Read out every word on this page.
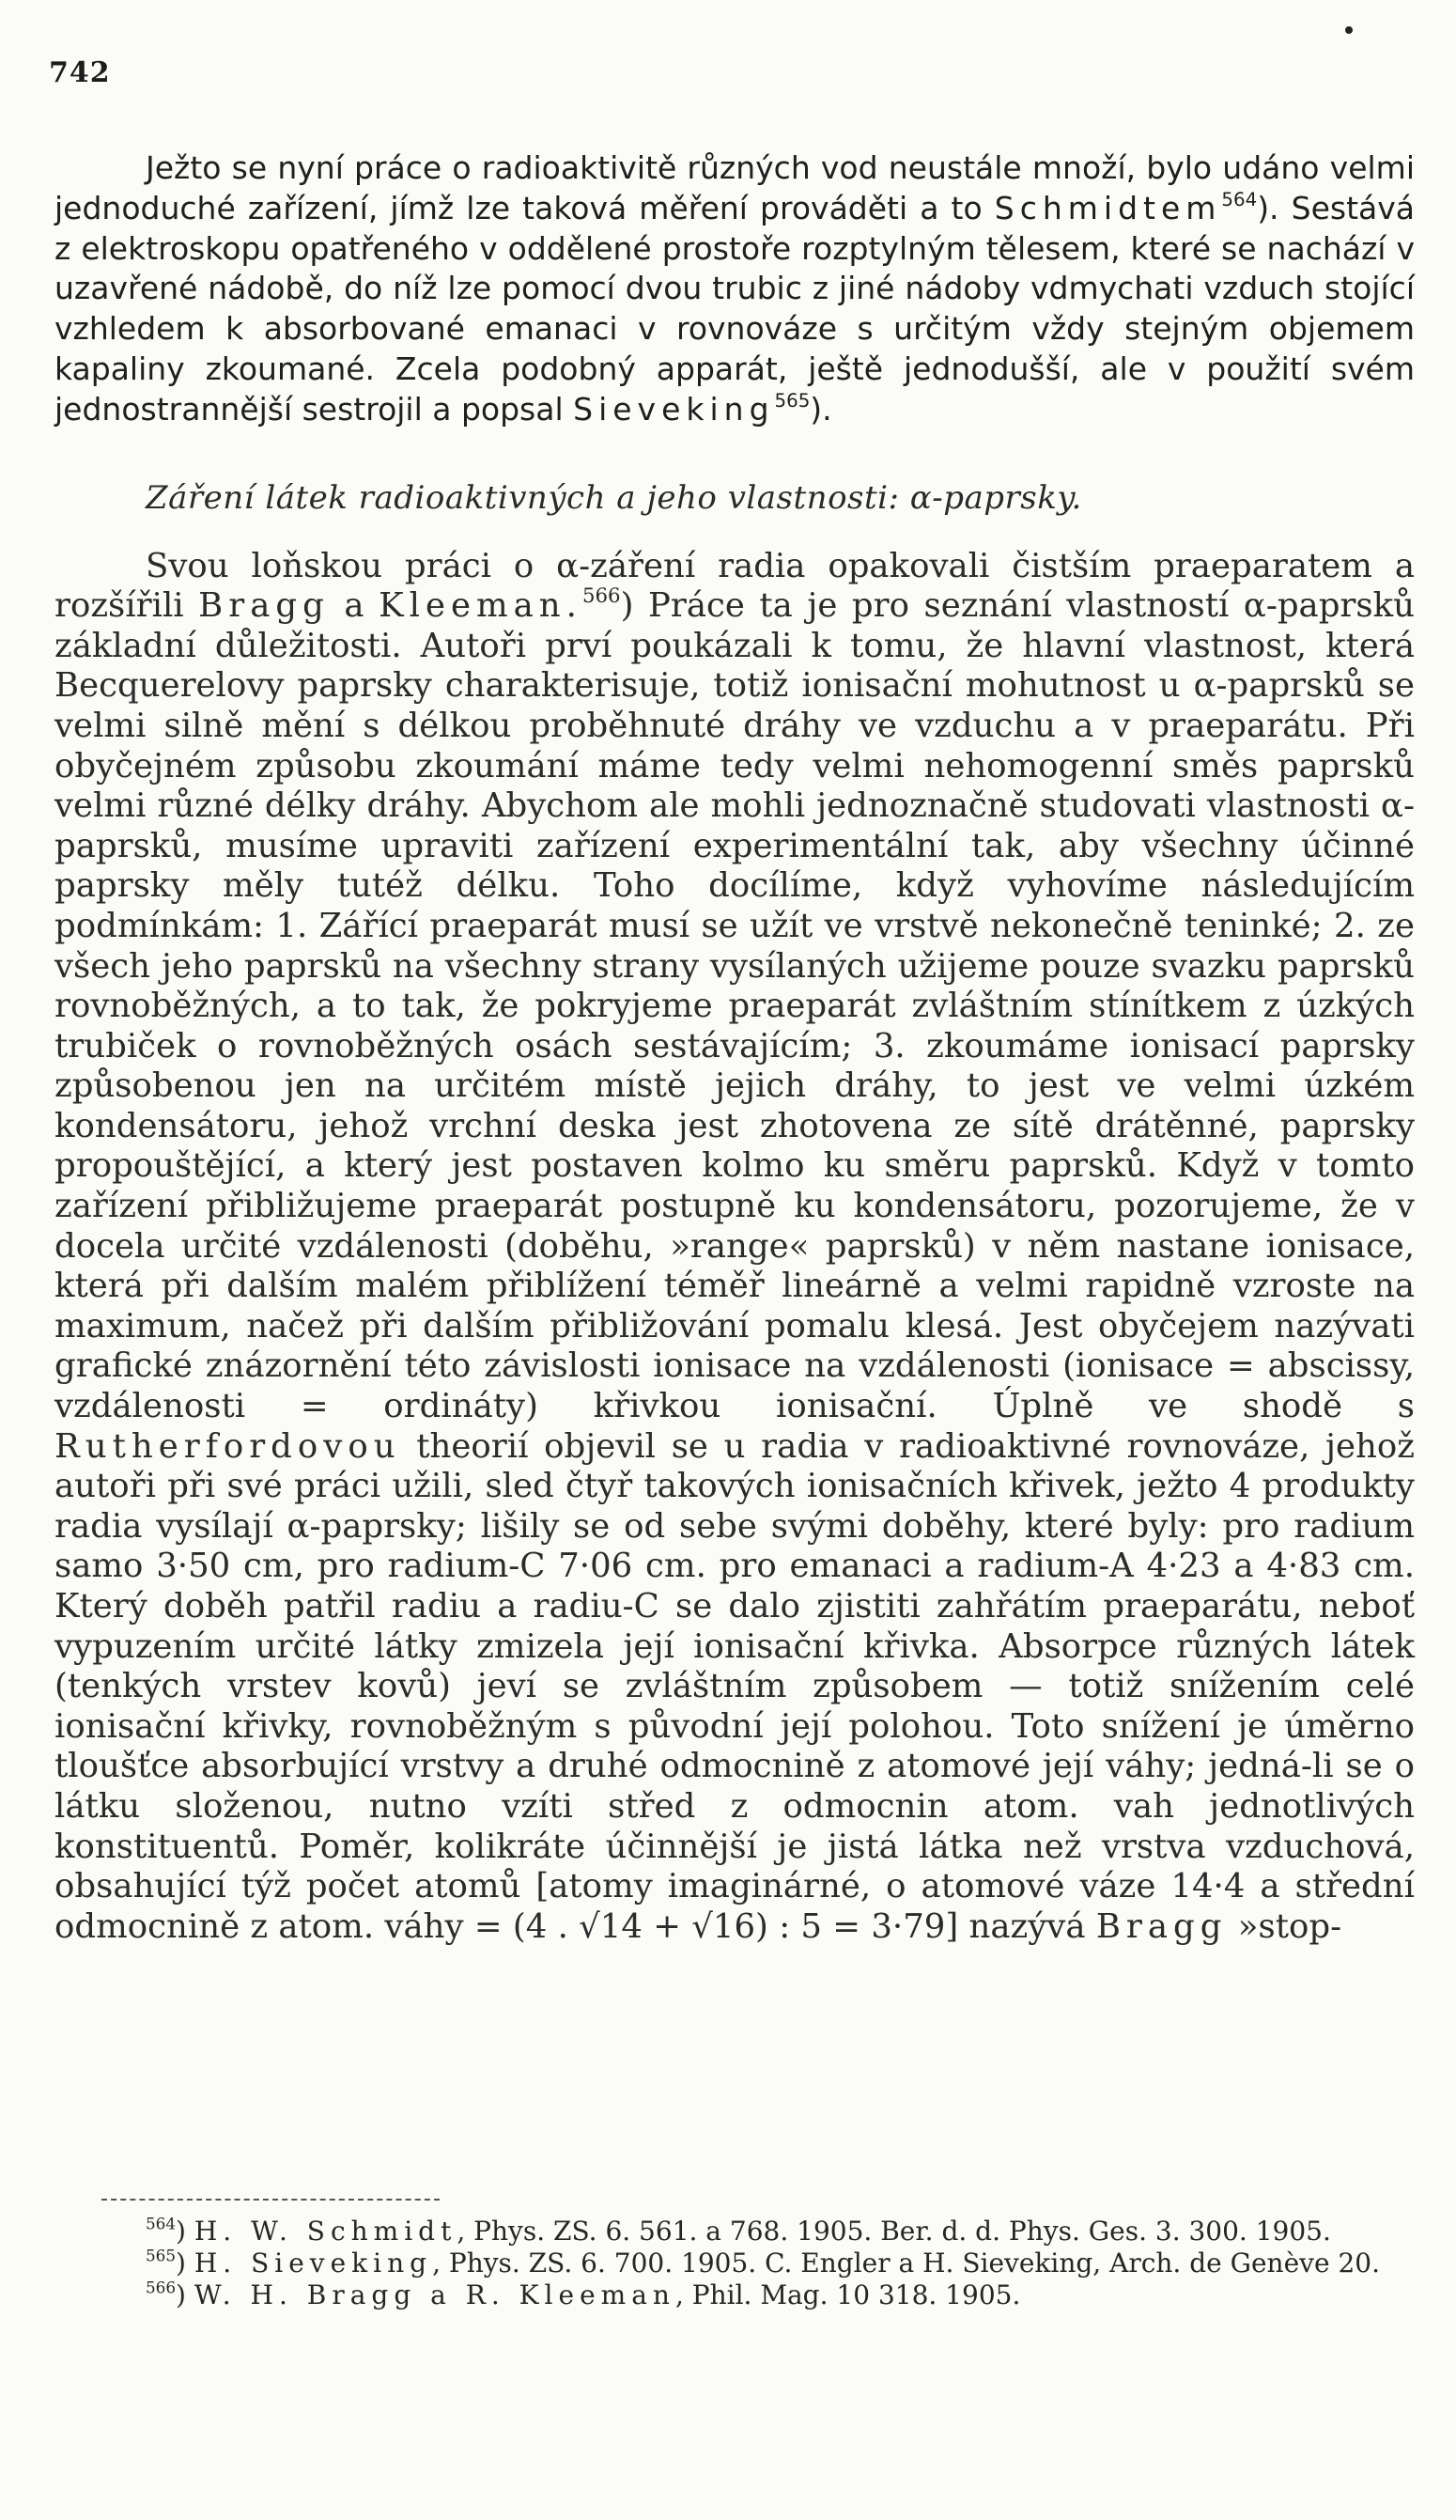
742

Ježto se nyní práce o radioaktivitě různých vod neustále množí, bylo udáno velmi jednoduché zařízení, jímž lze taková měření prováděti a to Schmidtem$^{564}$). Sestává z elektroskopu opatřeného v oddělené prostoře rozptylným tělesem, které se nachází v uzavřené nádobě, do níž lze pomocí dvou trubic z jiné nádoby vdmychati vzduch stojící vzhledem k absorbované emanaci v rovnováze s určitým vždy stejným objemem kapaliny zkoumané. Zcela podobný apparát, ještě jednodušší, ale v použití svém jednostrannější sestrojil a popsal Sieveking$^{565}$).

Záření látek radioaktivných a jeho vlastnosti: α-paprsky.

Svou loňskou práci o α-záření radia opakovali čistším praeparatem a rozšířili Bragg a Kleeman.$^{566}$) Práce ta je pro seznání vlastností α-paprsků základní důležitosti. Autoři prví poukázali k tomu, že hlavní vlastnost, která Becquerelovy paprsky charakterisuje, totiž ionisační mohutnost u α-paprsků se velmi silně mění s délkou proběhnuté dráhy ve vzduchu a v praeparátu. Při obyčejném způsobu zkoumání máme tedy velmi nehomogenní směs paprsků velmi různé délky dráhy. Abychom ale mohli jednoznačně studovati vlastnosti α-paprsků, musíme upraviti zařízení experimentální tak, aby všechny účinné paprsky měly tutéž délku. Toho docílíme, když vyhovíme následujícím podmínkám: 1. Zářící praeparát musí se užít ve vrstvě nekonečně teninké; 2. ze všech jeho paprsků na všechny strany vysílaných užijeme pouze svazku paprsků rovnoběžných, a to tak, že pokryjeme praeparát zvláštním stínítkem z úzkých trubiček o rovnoběžných osách sestávajícím; 3. zkoumáme ionisací paprsky způsobenou jen na určitém místě jejich dráhy, to jest ve velmi úzkém kondensátoru, jehož vrchní deska jest zhotovena ze sítě drátěnné, paprsky propouštějící, a který jest postaven kolmo ku směru paprsků. Když v tomto zařízení přibližujeme praeparát postupně ku kondensátoru, pozorujeme, že v docela určité vzdálenosti (doběhu, »range« paprsků) v něm nastane ionisace, která při dalším malém přiblížení téměř lineárně a velmi rapidně vzroste na maximum, načež při dalším přibližování pomalu klesá. Jest obyčejem nazývati grafické znázornění této závislosti ionisace na vzdálenosti (ionisace = abscissy, vzdálenosti = ordináty) křivkou ionisační. Úplně ve shodě s Rutherfordovou theorií objevil se u radia v radioaktivné rovnováze, jehož autoři při své práci užili, sled čtyř takových ionisačních křivek, ježto 4 produkty radia vysílají α-paprsky; lišily se od sebe svými doběhy, které byly: pro radium samo 3·50 cm, pro radium-C 7·06 cm. pro emanaci a radium-A 4·23 a 4·83 cm. Který doběh patřil radiu a radiu-C se dalo zjistiti zahřátím praeparátu, neboť vypuzením určité látky zmizela její ionisační křivka. Absorpce různých látek (tenkých vrstev kovů) jeví se zvláštním způsobem — totiž snížením celé ionisační křivky, rovnoběžným s původní její polohou. Toto snížení je úměrno tloušťce absorbující vrstvy a druhé odmocnině z atomové její váhy; jedná-li se o látku složenou, nutno vzíti střed z odmocnin atom. vah jednotlivých konstituentů. Poměr, kolikráte účinnější je jistá látka než vrstva vzduchová, obsahující týž počet atomů [atomy imaginárné, o atomové váze 14·4 a střední odmocnině z atom. váhy = (4 . √14 + √16) : 5 = 3·79] nazývá Bragg »stop-

$^{564}$) H. W. Schmidt, Phys. ZS. 6. 561. a 768. 1905. Ber. d. d. Phys. Ges. 3. 300. 1905.

$^{565}$) H. Sieveking, Phys. ZS. 6. 700. 1905. C. Engler a H. Sieveking, Arch. de Genève 20.

$^{566}$) W. H. Bragg a R. Kleeman, Phil. Mag. 10 318. 1905.
